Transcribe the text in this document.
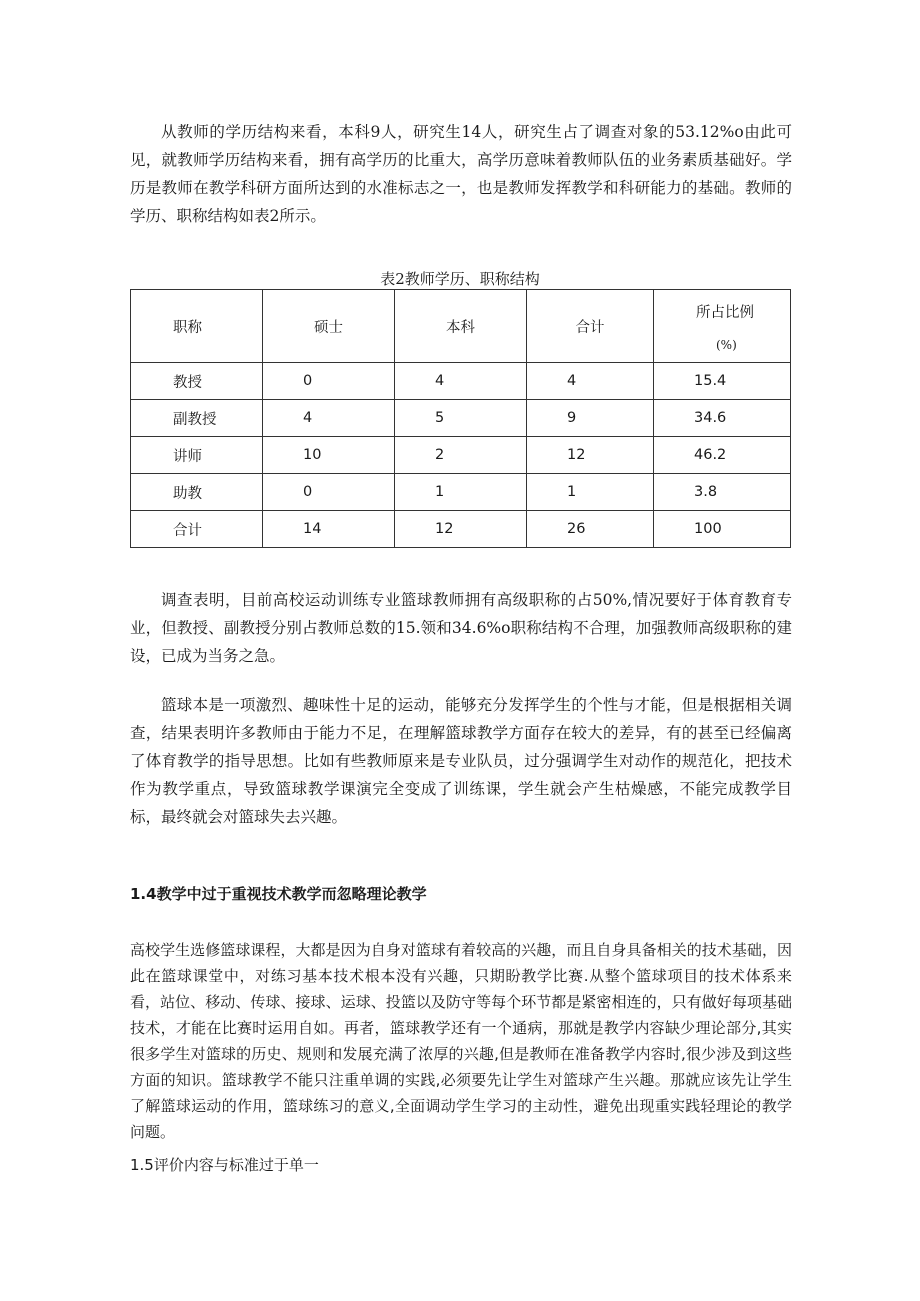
从教师的学历结构来看，本科9人，研究生14人，研究生占了调查对象的53.12%o由此可见，就教师学历结构来看，拥有高学历的比重大，高学历意味着教师队伍的业务素质基础好。学历是教师在教学科研方面所达到的水准标志之一，也是教师发挥教学和科研能力的基础。教师的学历、职称结构如表2所示。

表2教师学历、职称结构
职称	硕士	本科	合计	所占比例
(%)

教授	0	4	4	15.4
副教授	4	5	9	34.6
讲师	10	2	12	46.2
助教	0	1	1	3.8
合计	14	12	26	100

调查表明，目前高校运动训练专业篮球教师拥有高级职称的占50%,情况要好于体育教育专业，但教授、副教授分别占教师总数的15.领和34.6%o职称结构不合理，加强教师高级职称的建设，已成为当务之急。

篮球本是一项激烈、趣味性十足的运动，能够充分发挥学生的个性与才能，但是根据相关调查，结果表明许多教师由于能力不足，在理解篮球教学方面存在较大的差异，有的甚至已经偏离了体育教学的指导思想。比如有些教师原来是专业队员，过分强调学生对动作的规范化，把技术作为教学重点，导致篮球教学课演完全变成了训练课，学生就会产生枯燥感，不能完成教学目标，最终就会对篮球失去兴趣。

1.4教学中过于重视技术教学而忽略理论教学

高校学生选修篮球课程，大都是因为自身对篮球有着较高的兴趣，而且自身具备相关的技术基础，因此在篮球课堂中，对练习基本技术根本没有兴趣，只期盼教学比赛.从整个篮球项目的技术体系来看，站位、移动、传球、接球、运球、投篮以及防守等每个环节都是紧密相连的，只有做好每项基础技术，才能在比赛时运用自如。再者，篮球教学还有一个通病，那就是教学内容缺少理论部分,其实很多学生对篮球的历史、规则和发展充满了浓厚的兴趣,但是教师在准备教学内容时,很少涉及到这些方面的知识。篮球教学不能只注重单调的实践,必须要先让学生对篮球产生兴趣。那就应该先让学生了解篮球运动的作用，篮球练习的意义,全面调动学生学习的主动性，避免出现重实践轻理论的教学问题。

1.5评价内容与标准过于单一
